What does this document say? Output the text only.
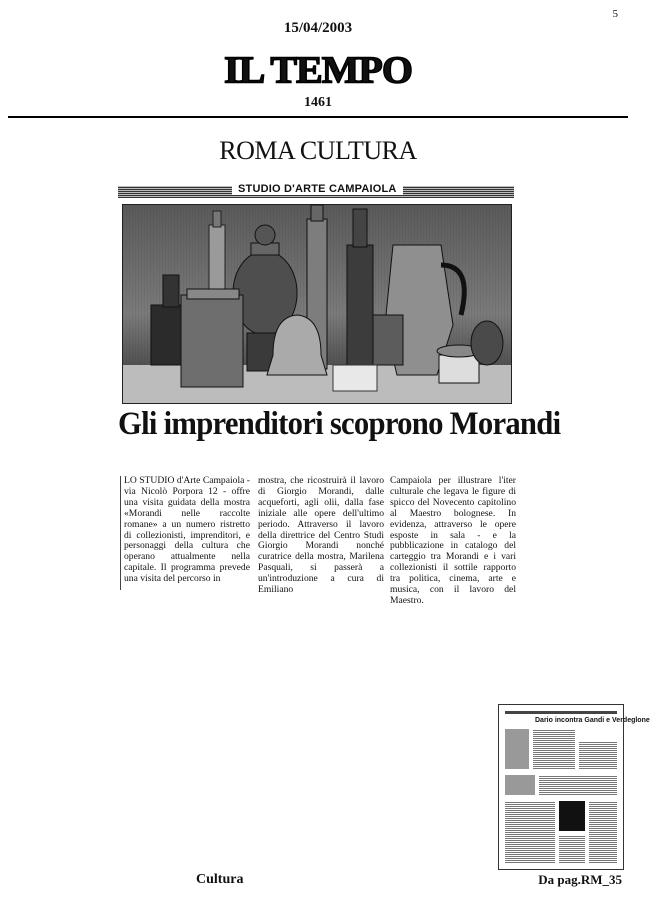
5
15/04/2003
IL TEMPO
1461
ROMA CULTURA
STUDIO D'ARTE CAMPAIOLA
Gli imprenditori scoprono Morandi
LO STUDIO d'Arte Campaiola - via Nicolò Porpora 12 - offre una visita guidata della mostra «Morandi nelle raccolte romane» a un numero ristretto di collezionisti, imprenditori, e personaggi della cultura che operano attualmente nella capitale. Il programma prevede una visita del percorso in
mostra, che ricostruirà il lavoro di Giorgio Morandi, dalle acqueforti, agli olii, dalla fase iniziale alle opere dell'ultimo periodo. Attraverso il lavoro della direttrice del Centro Studi Giorgio Morandi nonché curatrice della mostra, Marilena Pasquali, si passerà a un'introduzione a cura di Emiliano
Campaiola per illustrare l'iter culturale che legava le figure di spicco del Novecento capitolino al Maestro bolognese. In evidenza, attraverso le opere esposte in sala - e la pubblicazione in catalogo del carteggio tra Morandi e i vari collezionisti il sottile rapporto tra politica, cinema, arte e musica, con il lavoro del Maestro.
Dario incontra Gandi e Verdeglone
Cultura	Da pag.RM_35
